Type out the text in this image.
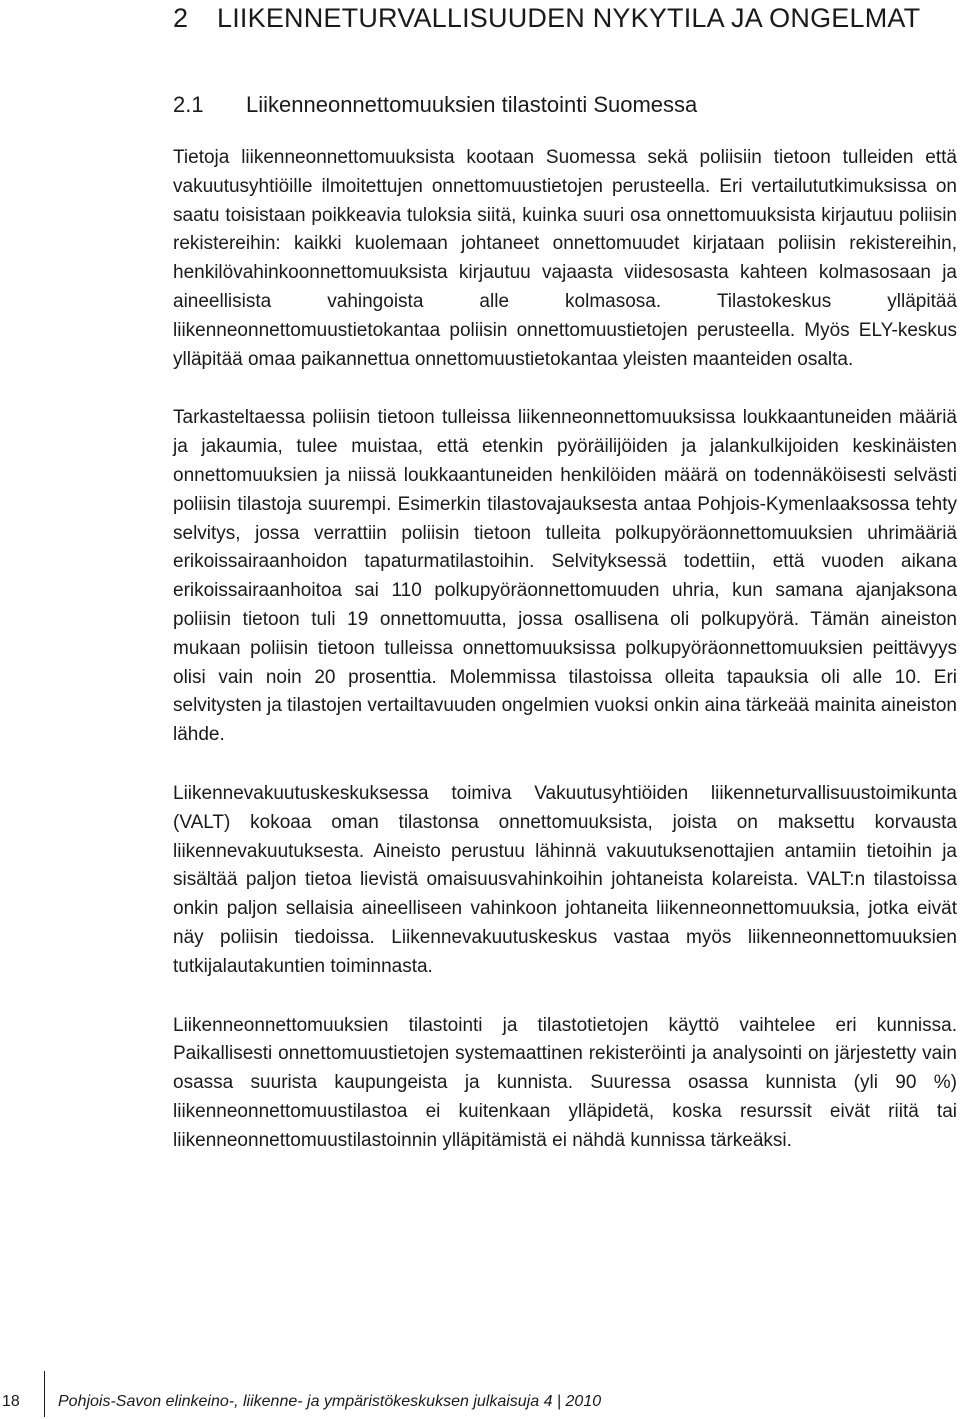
2	LIIKENNETURVALLISUUDEN NYKYTILA JA ONGELMAT
2.1 Liikenneonnettomuuksien tilastointi Suomessa

Tietoja liikenneonnettomuuksista kootaan Suomessa sekä poliisiin tietoon tulleiden että vakuutusyhtiöille ilmoitettujen onnettomuustietojen perusteella. Eri vertailututkimuksissa on saatu toisistaan poikkeavia tuloksia siitä, kuinka suuri osa onnettomuuksista kirjautuu poliisin rekistereihin: kaikki kuolemaan johtaneet onnettomuudet kirjataan poliisin rekistereihin, henkilövahinkoonnettomuuksista kirjautuu vajaasta viidesosasta kahteen kolmasosaan ja aineellisista vahingoista alle kolmasosa. Tilastokeskus ylläpitää liikenneonnettomuustietokantaa poliisin onnettomuustietojen perusteella. Myös ELY-keskus ylläpitää omaa paikannettua onnettomuustietokantaa yleisten maanteiden osalta.

Tarkasteltaessa poliisin tietoon tulleissa liikenneonnettomuuksissa loukkaantuneiden määriä ja jakaumia, tulee muistaa, että etenkin pyöräilijöiden ja jalankulkijoiden keskinäisten onnettomuuksien ja niissä loukkaantuneiden henkilöiden määrä on todennäköisesti selvästi poliisin tilastoja suurempi. Esimerkin tilastovajauksesta antaa Pohjois-Kymenlaaksossa tehty selvitys, jossa verrattiin poliisin tietoon tulleita polkupyöräonnettomuuksien uhrimääriä erikoissairaanhoidon tapaturmatilastoihin. Selvityksessä todettiin, että vuoden aikana erikoissairaanhoitoa sai 110 polkupyöräonnettomuuden uhria, kun samana ajanjaksona poliisin tietoon tuli 19 onnettomuutta, jossa osallisena oli polkupyörä. Tämän aineiston mukaan poliisin tietoon tulleissa onnettomuuksissa polkupyöräonnettomuuksien peittävyys olisi vain noin 20 prosenttia. Molemmissa tilastoissa olleita tapauksia oli alle 10. Eri selvitysten ja tilastojen vertailtavuuden ongelmien vuoksi onkin aina tärkeää mainita aineiston lähde.

Liikennevakuutuskeskuksessa toimiva Vakuutusyhtiöiden liikenneturvallisuustoimikunta (VALT) kokoaa oman tilastonsa onnettomuuksista, joista on maksettu korvausta liikennevakuutuksesta. Aineisto perustuu lähinnä vakuutuksenottajien antamiin tietoihin ja sisältää paljon tietoa lievistä omaisuusvahinkoihin johtaneista kolareista. VALT:n tilastoissa onkin paljon sellaisia aineelliseen vahinkoon johtaneita liikenneonnettomuuksia, jotka eivät näy poliisin tiedoissa. Liikennevakuutuskeskus vastaa myös liikenneonnettomuuksien tutkijalautakuntien toiminnasta.

Liikenneonnettomuuksien tilastointi ja tilastotietojen käyttö vaihtelee eri kunnissa. Paikallisesti onnettomuustietojen systemaattinen rekisteröinti ja analysointi on järjestetty vain osassa suurista kaupungeista ja kunnista. Suuressa osassa kunnista (yli 90 %) liikenneonnettomuustilastoa ei kuitenkaan ylläpidetä, koska resurssit eivät riitä tai liikenneonnettomuustilastoinnin ylläpitämistä ei nähdä kunnissa tärkeäksi.

18	Pohjois-Savon elinkeino-, liikenne- ja ympäristökeskuksen julkaisuja 4 | 2010
